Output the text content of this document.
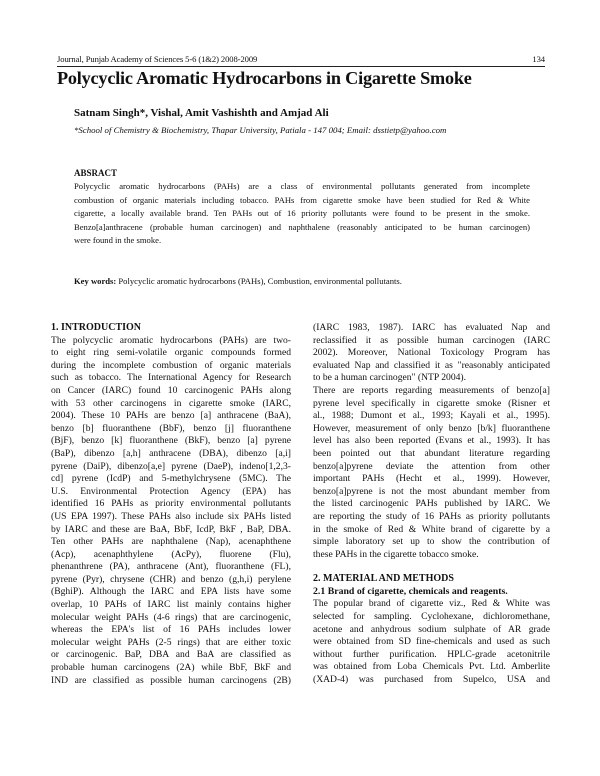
Journal, Punjab Academy of Sciences 5-6 (1&2) 2008-2009	134
Polycyclic Aromatic Hydrocarbons in Cigarette Smoke
Satnam Singh*, Vishal, Amit Vashishth and Amjad Ali
*School of Chemistry & Biochemistry, Thapar University, Patiala - 147 004; Email: dsstietp@yahoo.com
ABSRACT
Polycyclic aromatic hydrocarbons (PAHs) are a class of environmental pollutants generated from incomplete
combustion of organic materials including tobacco. PAHs from cigarette smoke have been studied for Red & White
cigarette, a locally available brand. Ten PAHs out of 16 priority pollutants were found to be present in the smoke.
Benzo[a]anthracene (probable human carcinogen) and naphthalene (reasonably anticipated to be human carcinogen)
were found in the smoke.
Key words: Polycyclic aromatic hydrocarbons (PAHs), Combustion, environmental pollutants.
1. INTRODUCTION
The polycyclic aromatic hydrocarbons (PAHs) are two-
to eight ring semi-volatile organic compounds formed
during the incomplete combustion of organic materials
such as tobacco. The International Agency for Research
on Cancer (IARC) found 10 carcinogenic PAHs along
with 53 other carcinogens in cigarette smoke (IARC,
2004). These 10 PAHs are benzo [a] anthracene (BaA),
benzo [b] fluoranthene (BbF), benzo [j] fluoranthene
(BjF), benzo [k] fluoranthene (BkF), benzo [a] pyrene
(BaP), dibenzo [a,h] anthracene (DBA), dibenzo [a,i]
pyrene (DaiP), dibenzo[a,e] pyrene (DaeP), indeno[1,2,3-
cd] pyrene (IcdP) and 5-methylchrysene (5MC). The
U.S. Environmental Protection Agency (EPA) has
identified 16 PAHs as priority environmental pollutants
(US EPA 1997). These PAHs also include six PAHs listed
by IARC and these are BaA, BbF, IcdP, BkF , BaP, DBA.
Ten other PAHs are naphthalene (Nap), acenaphthene
(Acp), acenaphthylene (AcPy), fluorene (Flu),
phenanthrene (PA), anthracene (Ant), fluoranthene (FL),
pyrene (Pyr), chrysene (CHR) and benzo (g,h,i) perylene
(BghiP). Although the IARC and EPA lists have some
overlap, 10 PAHs of IARC list mainly contains higher
molecular weight PAHs (4-6 rings) that are carcinogenic,
whereas the EPA's list of 16 PAHs includes lower
molecular weight PAHs (2-5 rings) that are either toxic
or carcinogenic. BaP, DBA and BaA are classified as
probable human carcinogens (2A) while BbF, BkF and
IND are classified as possible human carcinogens (2B)
(IARC 1983, 1987). IARC has evaluated Nap and
reclassified it as possible human carcinogen (IARC
2002). Moreover, National Toxicology Program has
evaluated Nap and classified it as "reasonably anticipated
to be a human carcinogen" (NTP 2004).
There are reports regarding measurements of benzo[a]
pyrene level specifically in cigarette smoke (Risner et
al., 1988; Dumont et al., 1993; Kayali et al., 1995).
However, measurement of only benzo [b/k] fluoranthene
level has also been reported (Evans et al., 1993). It has
been pointed out that abundant literature regarding
benzo[a]pyrene deviate the attention from other
important PAHs (Hecht et al., 1999). However,
benzo[a]pyrene is not the most abundant member from
the listed carcinogenic PAHs published by IARC. We
are reporting the study of 16 PAHs as priority pollutants
in the smoke of Red & White brand of cigarette by a
simple laboratory set up to show the contribution of
these PAHs in the cigarette tobacco smoke.
2. MATERIAL AND METHODS
2.1 Brand of cigarette, chemicals and reagents.
The popular brand of cigarette viz., Red & White was
selected for sampling. Cyclohexane, dichloromethane,
acetone and anhydrous sodium sulphate of AR grade
were obtained from SD fine-chemicals and used as such
without further purification. HPLC-grade acetonitrile
was obtained from Loba Chemicals Pvt. Ltd. Amberlite
(XAD-4) was purchased from Supelco, USA and
